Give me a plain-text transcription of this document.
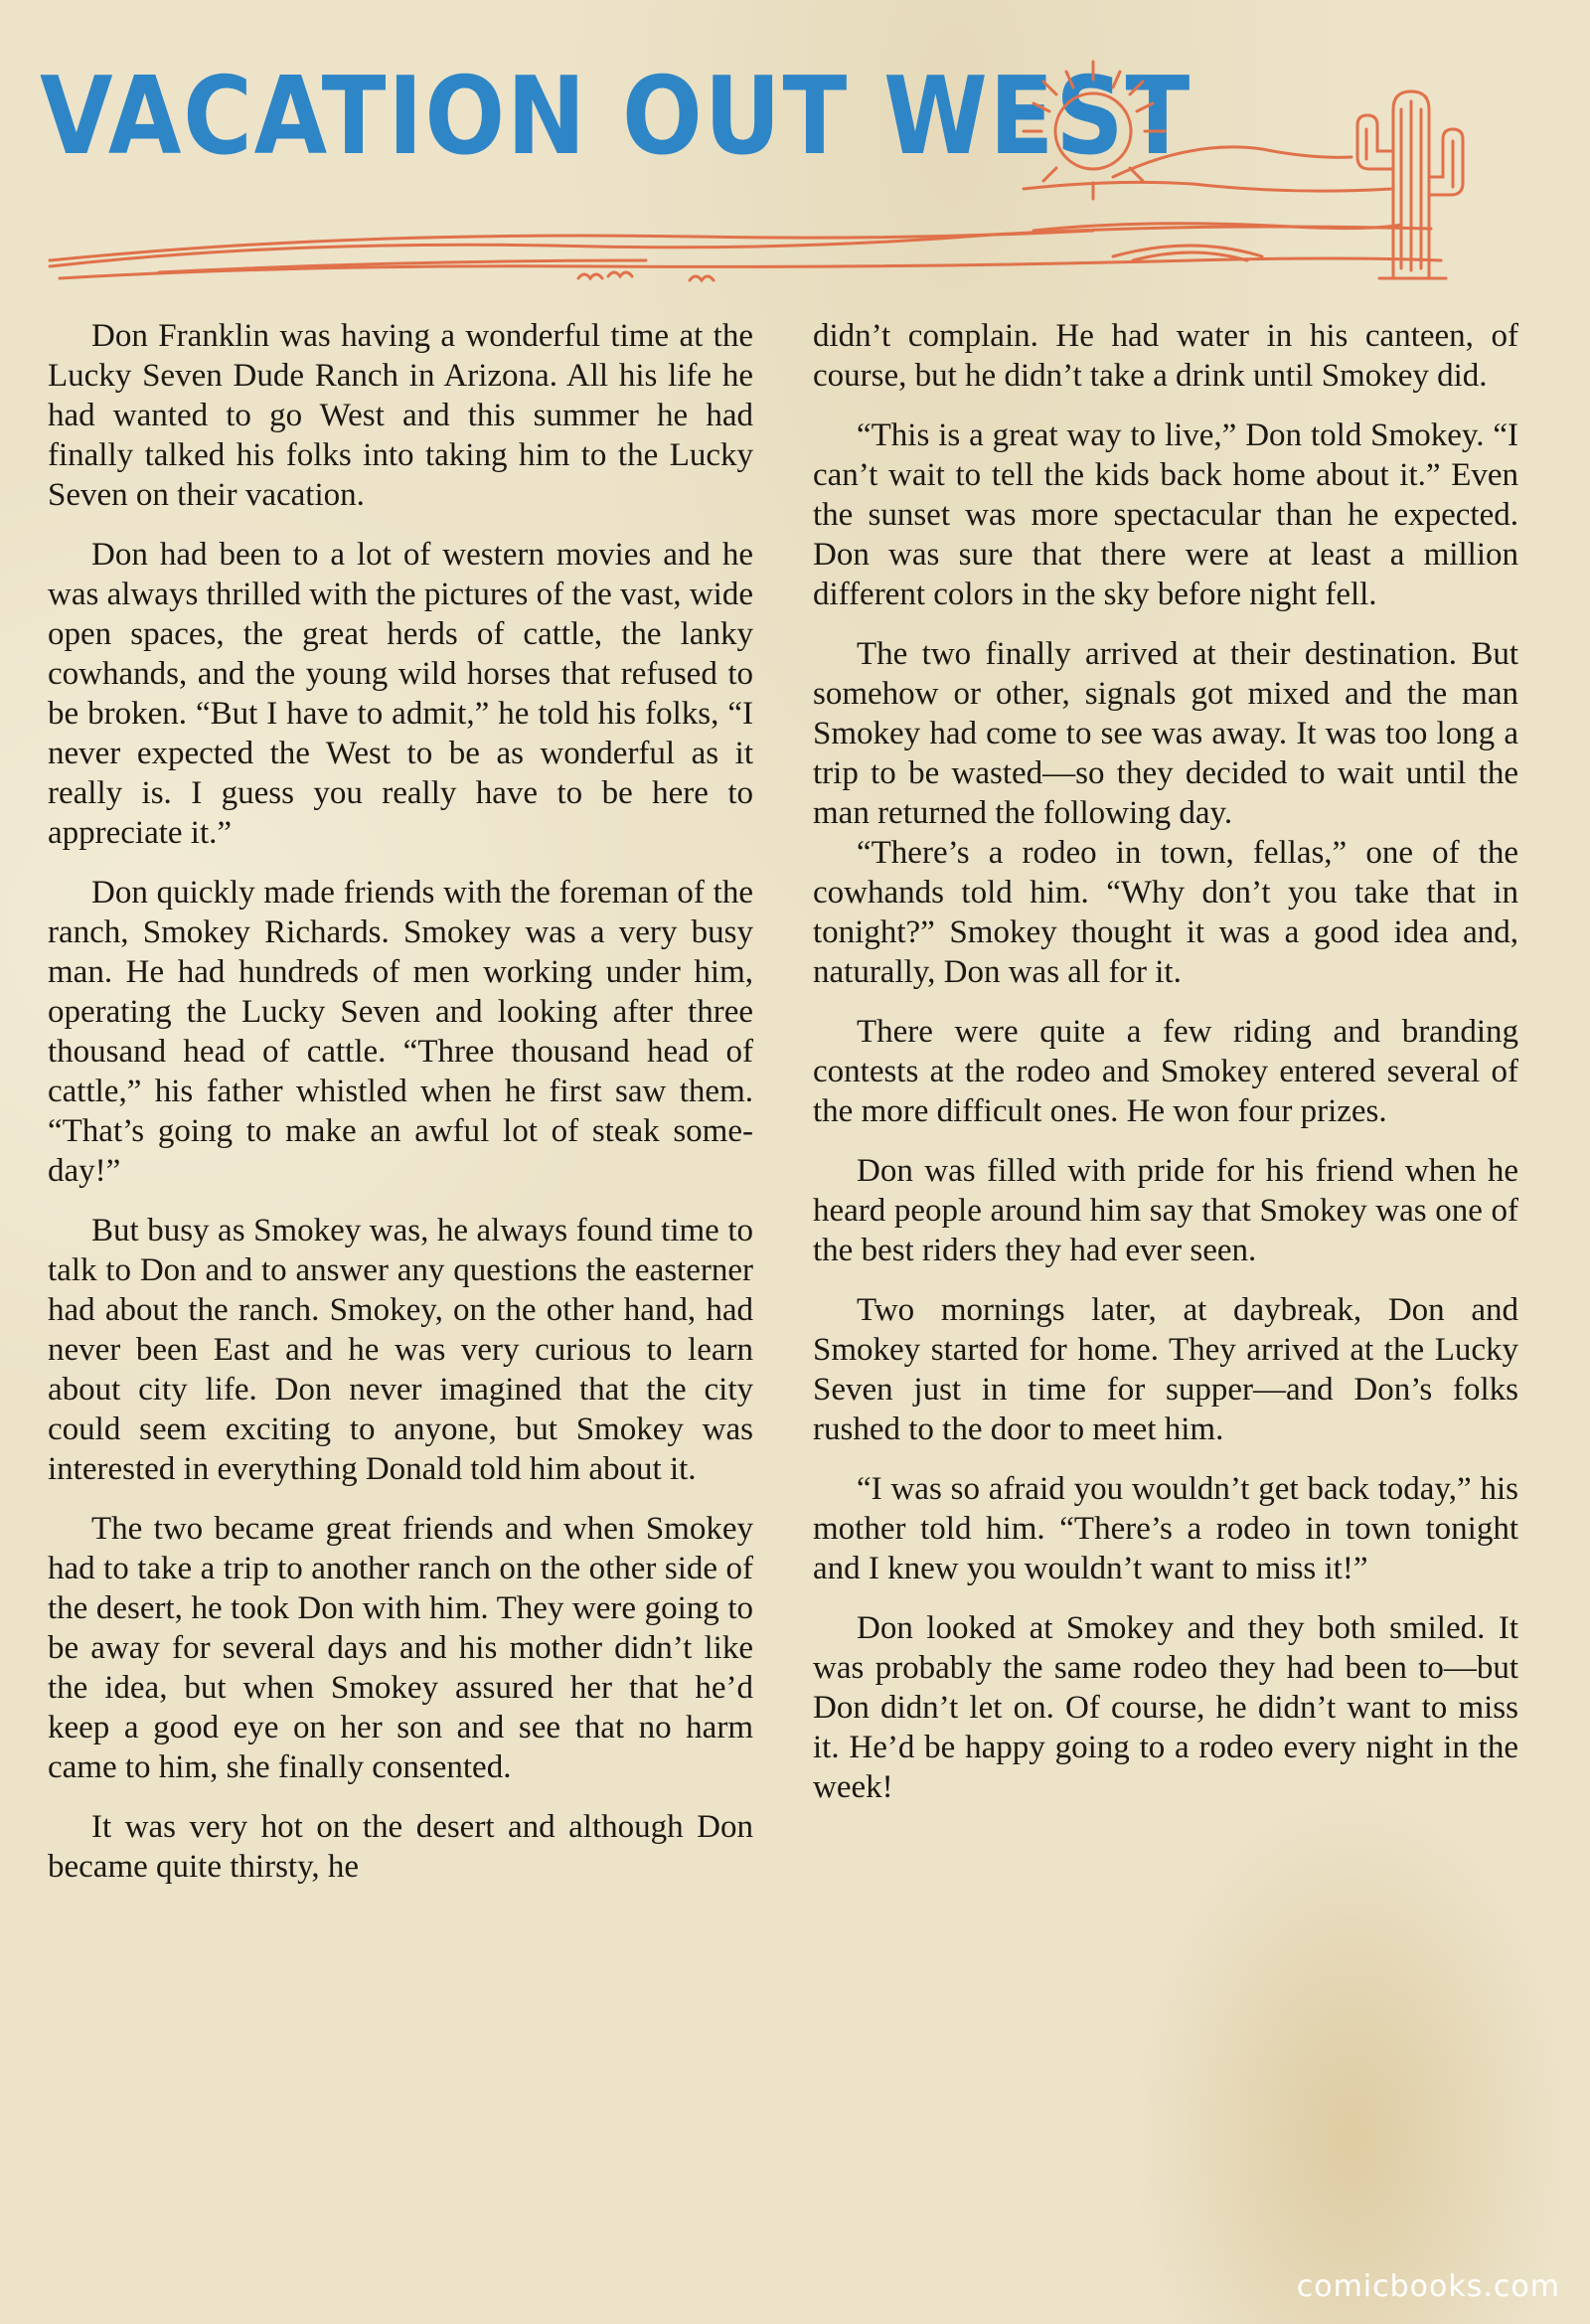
VACATION OUT WEST

Don Franklin was having a wonderful time at the Lucky Seven Dude Ranch in Arizona. All his life he had wanted to go West and this summer he had finally talked his folks into taking him to the Lucky Seven on their vacation.

Don had been to a lot of western movies and he was always thrilled with the pictures of the vast, wide open spaces, the great herds of cattle, the lanky cowhands, and the young wild horses that refused to be broken. “But I have to admit,” he told his folks, “I never expected the West to be as wonderful as it really is. I guess you really have to be here to appreciate it.”

Don quickly made friends with the foreman of the ranch, Smokey Richards. Smokey was a very busy man. He had hundreds of men working under him, operating the Lucky Seven and looking after three thousand head of cattle. “Three thousand head of cattle,” his father whistled when he first saw them. “That’s going to make an awful lot of steak some-day!”

But busy as Smokey was, he always found time to talk to Don and to answer any questions the easterner had about the ranch. Smokey, on the other hand, had never been East and he was very curious to learn about city life. Don never imagined that the city could seem exciting to anyone, but Smokey was interested in everything Donald told him about it.

The two became great friends and when Smokey had to take a trip to another ranch on the other side of the desert, he took Don with him. They were going to be away for several days and his mother didn’t like the idea, but when Smokey assured her that he’d keep a good eye on her son and see that no harm came to him, she finally consented.

It was very hot on the desert and although Don became quite thirsty, he

didn’t complain. He had water in his canteen, of course, but he didn’t take a drink until Smokey did.

“This is a great way to live,” Don told Smokey. “I can’t wait to tell the kids back home about it.” Even the sunset was more spectacular than he expected. Don was sure that there were at least a million different colors in the sky before night fell.

The two finally arrived at their destination. But somehow or other, signals got mixed and the man Smokey had come to see was away. It was too long a trip to be wasted—so they decided to wait until the man returned the following day.

“There’s a rodeo in town, fellas,” one of the cowhands told him. “Why don’t you take that in tonight?” Smokey thought it was a good idea and, naturally, Don was all for it.

There were quite a few riding and branding contests at the rodeo and Smokey entered several of the more difficult ones. He won four prizes.

Don was filled with pride for his friend when he heard people around him say that Smokey was one of the best riders they had ever seen.

Two mornings later, at daybreak, Don and Smokey started for home. They arrived at the Lucky Seven just in time for supper—and Don’s folks rushed to the door to meet him.

“I was so afraid you wouldn’t get back today,” his mother told him. “There’s a rodeo in town tonight and I knew you wouldn’t want to miss it!”

Don looked at Smokey and they both smiled. It was probably the same rodeo they had been to—but Don didn’t let on. Of course, he didn’t want to miss it. He’d be happy going to a rodeo every night in the week!

comicbooks.com
